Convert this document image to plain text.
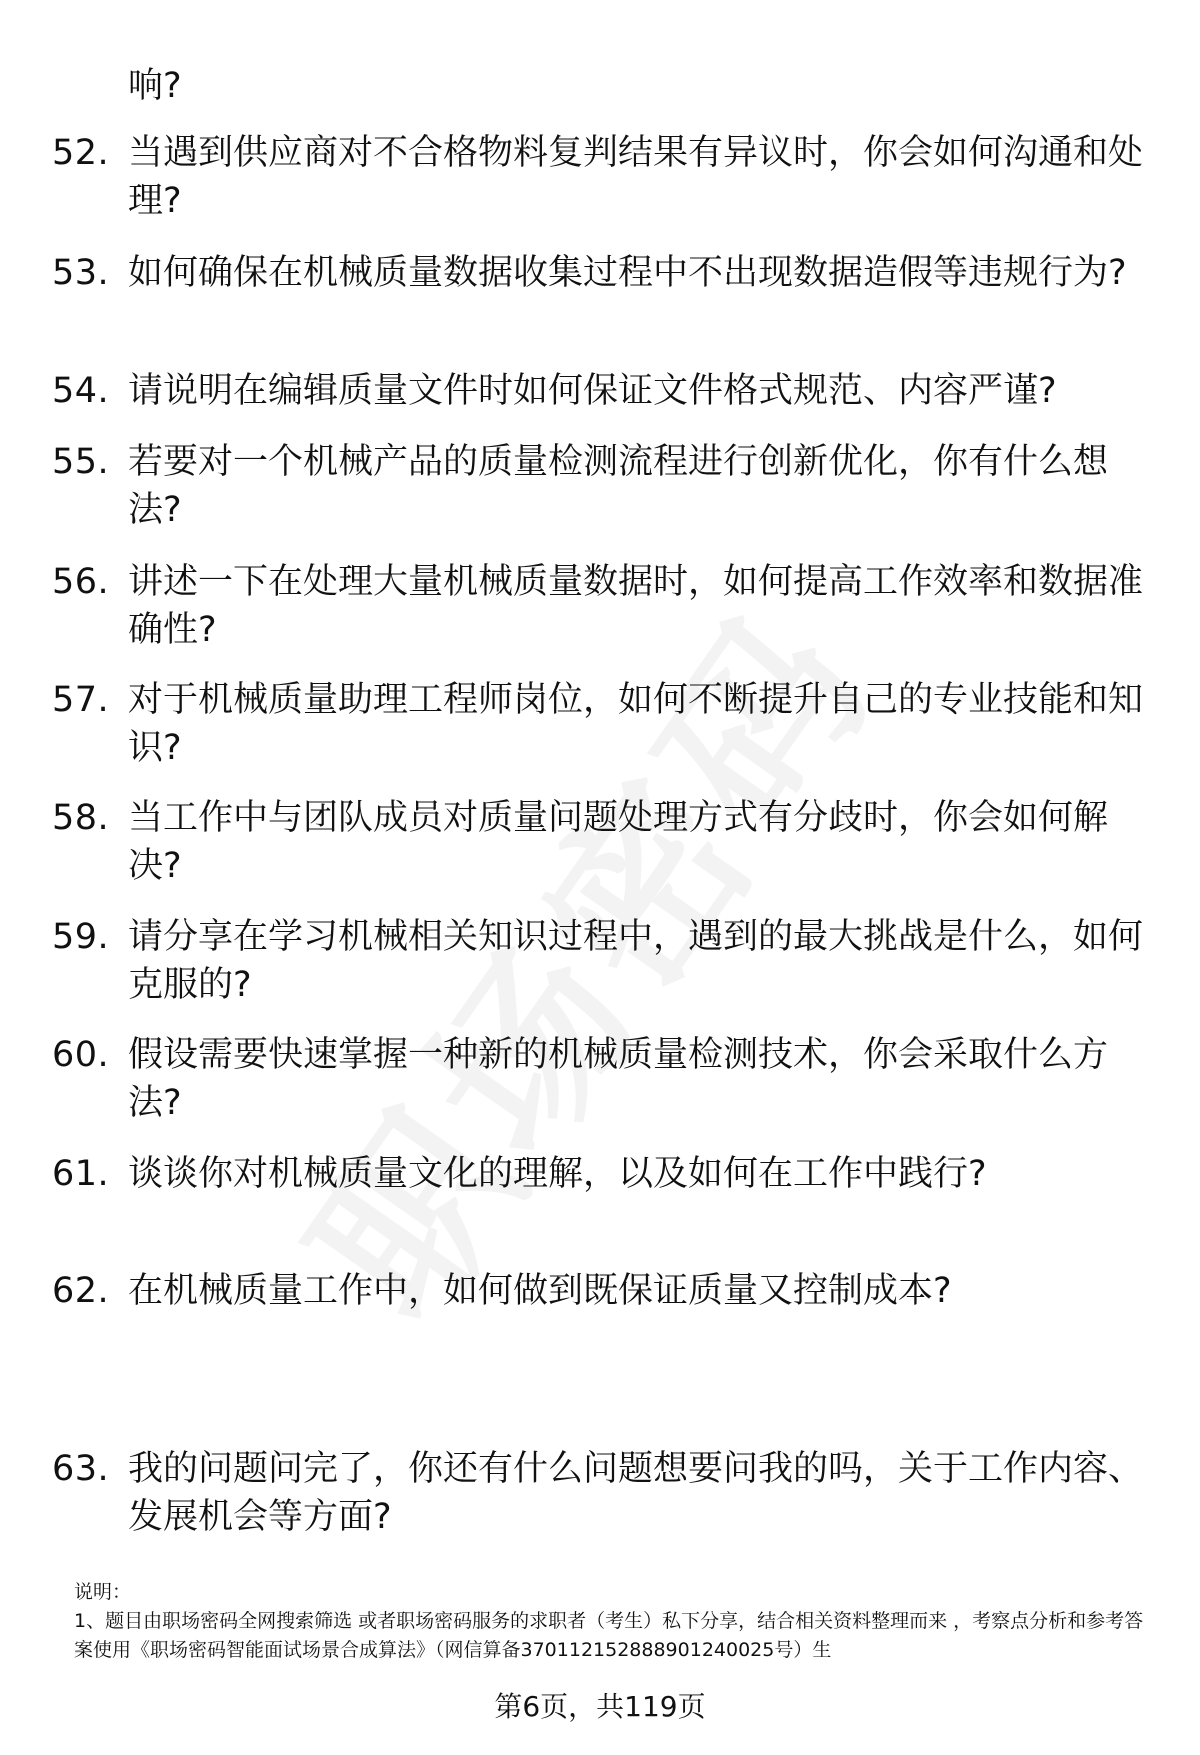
响?
52. 当遇到供应商对不合格物料复判结果有异议时，你会如何沟通和处理?
53. 如何确保在机械质量数据收集过程中不出现数据造假等违规行为?
54. 请说明在编辑质量文件时如何保证文件格式规范、内容严谨?
55. 若要对一个机械产品的质量检测流程进行创新优化，你有什么想法?
56. 讲述一下在处理大量机械质量数据时，如何提高工作效率和数据准确性?
57. 对于机械质量助理工程师岗位，如何不断提升自己的专业技能和知识?
58. 当工作中与团队成员对质量问题处理方式有分歧时，你会如何解决?
59. 请分享在学习机械相关知识过程中，遇到的最大挑战是什么，如何克服的?
60. 假设需要快速掌握一种新的机械质量检测技术，你会采取什么方法?
61. 谈谈你对机械质量文化的理解，以及如何在工作中践行?
62. 在机械质量工作中，如何做到既保证质量又控制成本?
63. 我的问题问完了，你还有什么问题想要问我的吗，关于工作内容、发展机会等方面?
说明：
1、题目由职场密码全网搜索筛选 或者职场密码服务的求职者（考生）私下分享，结合相关资料整理而来 ，考察点分析和参考答案使用《职场密码智能面试场景合成算法》（网信算备370112152888901240025号）生
第6页，共119页
